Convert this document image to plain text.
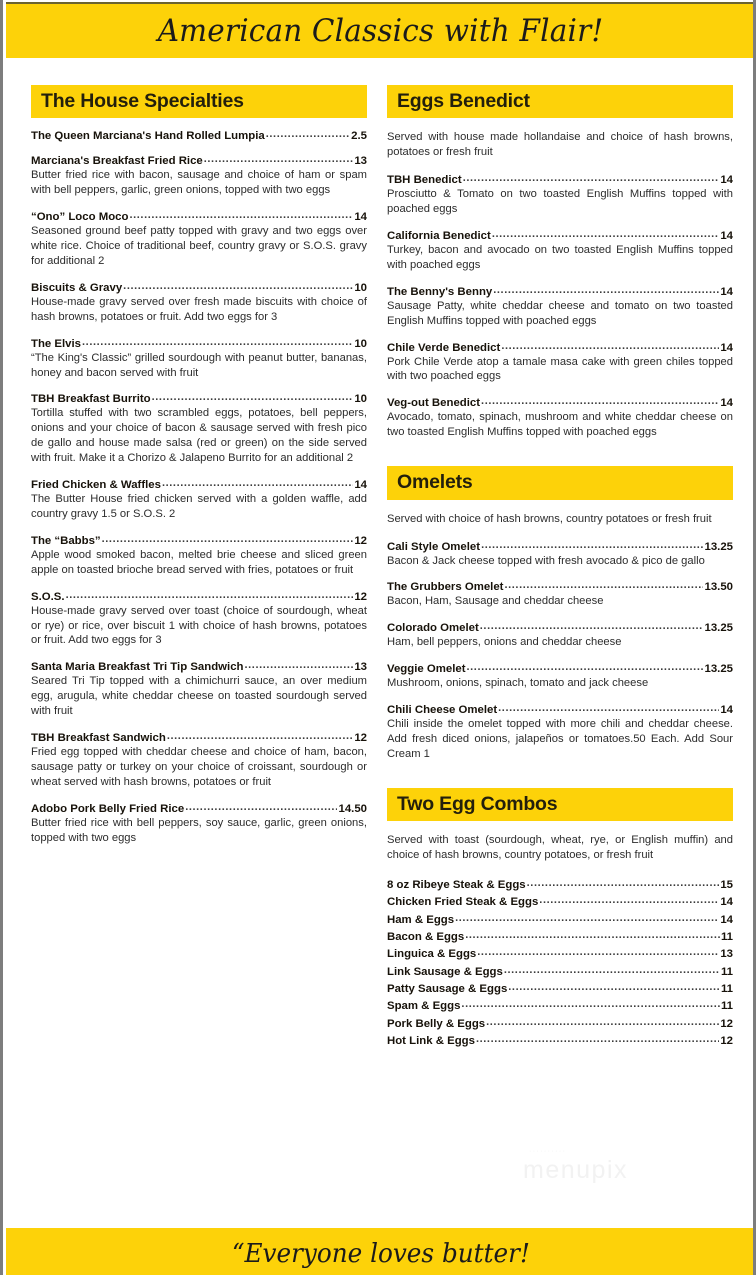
American Classics with Flair!
The House Specialties
The Queen Marciana's Hand Rolled Lumpia .....	2.5
Marciana's Breakfast Fried Rice .....	13
Butter fried rice with bacon, sausage and choice of ham or spam with bell peppers, garlic, green onions, topped with two eggs
“Ono” Loco Moco .....	14
Seasoned ground beef patty topped with gravy and two eggs over white rice. Choice of traditional beef, country gravy or S.O.S. gravy for additional 2
Biscuits & Gravy .....	10
House-made gravy served over fresh made biscuits with choice of hash browns, potatoes or fruit. Add two eggs for 3
The Elvis .....	10
“The King's Classic” grilled sourdough with peanut butter, bananas, honey and bacon served with fruit
TBH Breakfast Burrito .....	10
Tortilla stuffed with two scrambled eggs, potatoes, bell peppers, onions and your choice of bacon & sausage served with fresh pico de gallo and house made salsa (red or green) on the side served with fruit. Make it a Chorizo & Jalapeno Burrito for an additional 2
Fried Chicken & Waffles .....	14
The Butter House fried chicken served with a golden waffle, add country gravy 1.5 or S.O.S. 2
The “Babbs” .....	12
Apple wood smoked bacon, melted brie cheese and sliced green apple on toasted brioche bread served with fries, potatoes or fruit
S.O.S. .....	12
House-made gravy served over toast (choice of sourdough, wheat or rye) or rice, over biscuit 1 with choice of hash browns, potatoes or fruit. Add two eggs for 3
Santa Maria Breakfast Tri Tip Sandwich .....	13
Seared Tri Tip topped with a chimichurri sauce, an over medium egg, arugula, white cheddar cheese on toasted sourdough served with fruit
TBH Breakfast Sandwich .....	12
Fried egg topped with cheddar cheese and choice of ham, bacon, sausage patty or turkey on your choice of croissant, sourdough or wheat served with hash browns, potatoes or fruit
Adobo Pork Belly Fried Rice .....	14.50
Butter fried rice with bell peppers, soy sauce, garlic, green onions, topped with two eggs
Eggs Benedict

Served with house made hollandaise and choice of hash browns, potatoes or fresh fruit

TBH Benedict .....	14
Prosciutto & Tomato on two toasted English Muffins topped with poached eggs
California Benedict .....	14
Turkey, bacon and avocado on two toasted English Muffins topped with poached eggs
The Benny's Benny .....	14
Sausage Patty, white cheddar cheese and tomato on two toasted English Muffins topped with poached eggs
Chile Verde Benedict .....	14
Pork Chile Verde atop a tamale masa cake with green chiles topped with two poached eggs
Veg-out Benedict .....	14
Avocado, tomato, spinach, mushroom and white cheddar cheese on two toasted English Muffins topped with poached eggs
Omelets

Served with choice of hash browns, country potatoes or fresh fruit

Cali Style Omelet .....	13.25
Bacon & Jack cheese topped with fresh avocado & pico de gallo
The Grubbers Omelet .....	13.50
Bacon, Ham, Sausage and cheddar cheese
Colorado Omelet .....	13.25
Ham, bell peppers, onions and cheddar cheese
Veggie Omelet .....	13.25
Mushroom, onions, spinach, tomato and jack cheese
Chili Cheese Omelet .....	14
Chili inside the omelet topped with more chili and cheddar cheese. Add fresh diced onions, jalapeños or tomatoes.50 Each. Add Sour Cream 1
Two Egg Combos

Served with toast (sourdough, wheat, rye, or English muffin) and choice of hash browns, country potatoes, or fresh fruit

8 oz Ribeye Steak & Eggs .....	15
Chicken Fried Steak & Eggs .....	14
Ham & Eggs .....	14
Bacon & Eggs .....	11
Linguica & Eggs .....	13
Link Sausage & Eggs .....	11
Patty Sausage & Eggs .....	11
Spam & Eggs .....	11
Pork Belly & Eggs .....	12
Hot Link & Eggs .....	12
··········
menupix
“Everyone loves butter!
